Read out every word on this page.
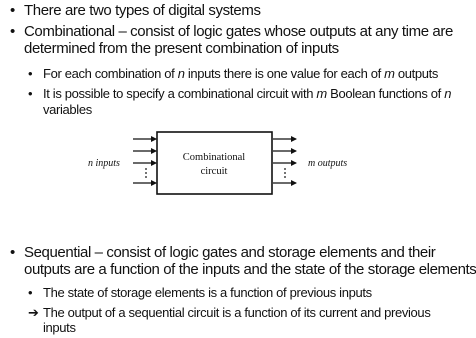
• There are two types of digital systems
• Combinational – consist of logic gates whose outputs at any time are
determined from the present combination of inputs
• For each combination of n inputs there is one value for each of m outputs
• It is possible to specify a combinational circuit with m Boolean functions of n
variables
Combinational
circuit
n inputs	m outputs
• Sequential – consist of logic gates and storage elements and their
outputs are a function of the inputs and the state of the storage elements
• The state of storage elements is a function of previous inputs
➔ The output of a sequential circuit is a function of its current and previous
inputs
